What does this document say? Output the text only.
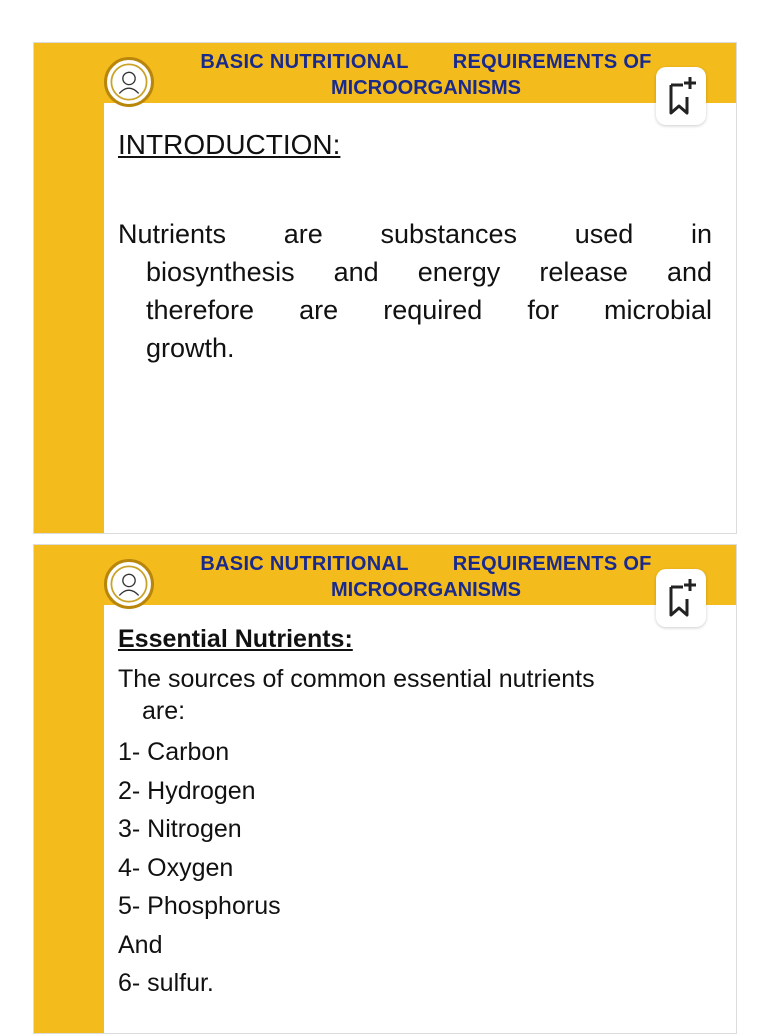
BASIC NUTRITIONAL REQUIREMENTS OF
MICROORGANISMS
INTRODUCTION:
Nutrients are substances used in
biosynthesis and energy release and
therefore are required for microbial
growth.
BASIC NUTRITIONAL REQUIREMENTS OF
MICROORGANISMS
Essential Nutrients:
The sources of common essential nutrients
are:
1- Carbon
2- Hydrogen
3- Nitrogen
4- Oxygen
5- Phosphorus
And
6- sulfur.
